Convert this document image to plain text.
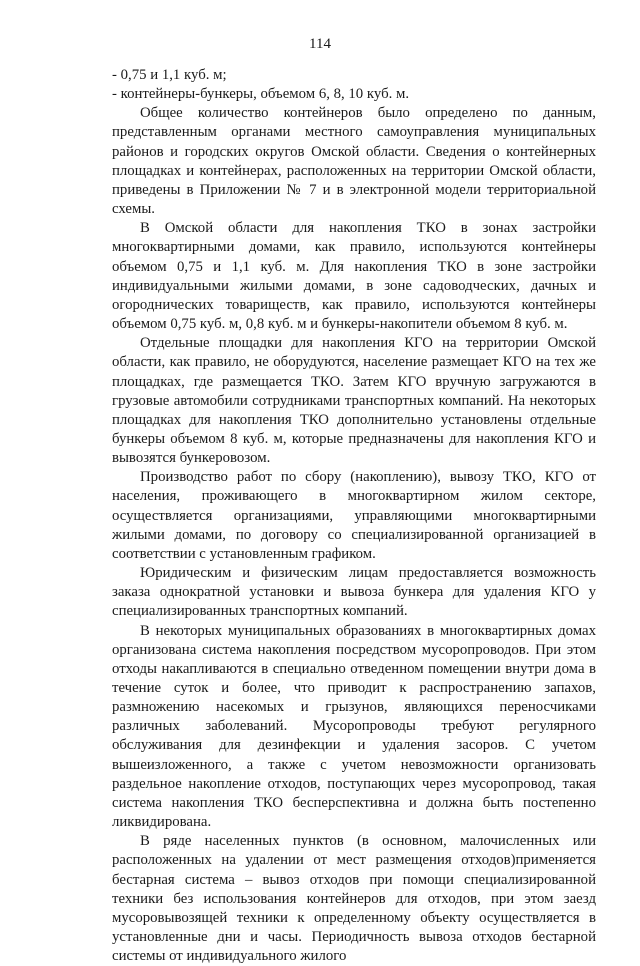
114

- 0,75 и 1,1 куб. м;

- контейнеры-бункеры, объемом 6, 8, 10 куб. м.

Общее количество контейнеров было определено по данным, представленным органами местного самоуправления муниципальных районов и городских округов Омской области. Сведения о контейнерных площадках и контейнерах, расположенных на территории Омской области, приведены в Приложении № 7 и в электронной модели территориальной схемы.

В Омской области для накопления ТКО в зонах застройки многоквартирными домами, как правило, используются контейнеры объемом 0,75 и 1,1 куб. м. Для накопления ТКО в зоне застройки индивидуальными жилыми домами, в зоне садоводческих, дачных и огороднических товариществ, как правило, используются контейнеры объемом 0,75 куб. м, 0,8 куб. м и бункеры-накопители объемом 8 куб. м.

Отдельные площадки для накопления КГО на территории Омской области, как правило, не оборудуются, население размещает КГО на тех же площадках, где размещается ТКО. Затем КГО вручную загружаются в грузовые автомобили сотрудниками транспортных компаний. На некоторых площадках для накопления ТКО дополнительно установлены отдельные бункеры объемом 8 куб. м, которые предназначены для накопления КГО и вывозятся бункеровозом.

Производство работ по сбору (накоплению), вывозу ТКО, КГО от населения, проживающего в многоквартирном жилом секторе, осуществляется организациями, управляющими многоквартирными жилыми домами, по договору со специализированной организацией в соответствии с установленным графиком.

Юридическим и физическим лицам предоставляется возможность заказа однократной установки и вывоза бункера для удаления КГО у специализированных транспортных компаний.

В некоторых муниципальных образованиях в многоквартирных домах организована система накопления посредством мусоропроводов. При этом отходы накапливаются в специально отведенном помещении внутри дома в течение суток и более, что приводит к распространению запахов, размножению насекомых и грызунов, являющихся переносчиками различных заболеваний. Мусоропроводы требуют регулярного обслуживания для дезинфекции и удаления засоров. С учетом вышеизложенного, а также с учетом невозможности организовать раздельное накопление отходов, поступающих через мусоропровод, такая система накопления ТКО бесперспективна и должна быть постепенно ликвидирована.

В ряде населенных пунктов (в основном, малочисленных или расположенных на удалении от мест размещения отходов)применяется бестарная система – вывоз отходов при помощи специализированной техники без использования контейнеров для отходов, при этом заезд мусоровывозящей техники к определенному объекту осуществляется в установленные дни и часы. Периодичность вывоза отходов бестарной системы от индивидуального жилого
